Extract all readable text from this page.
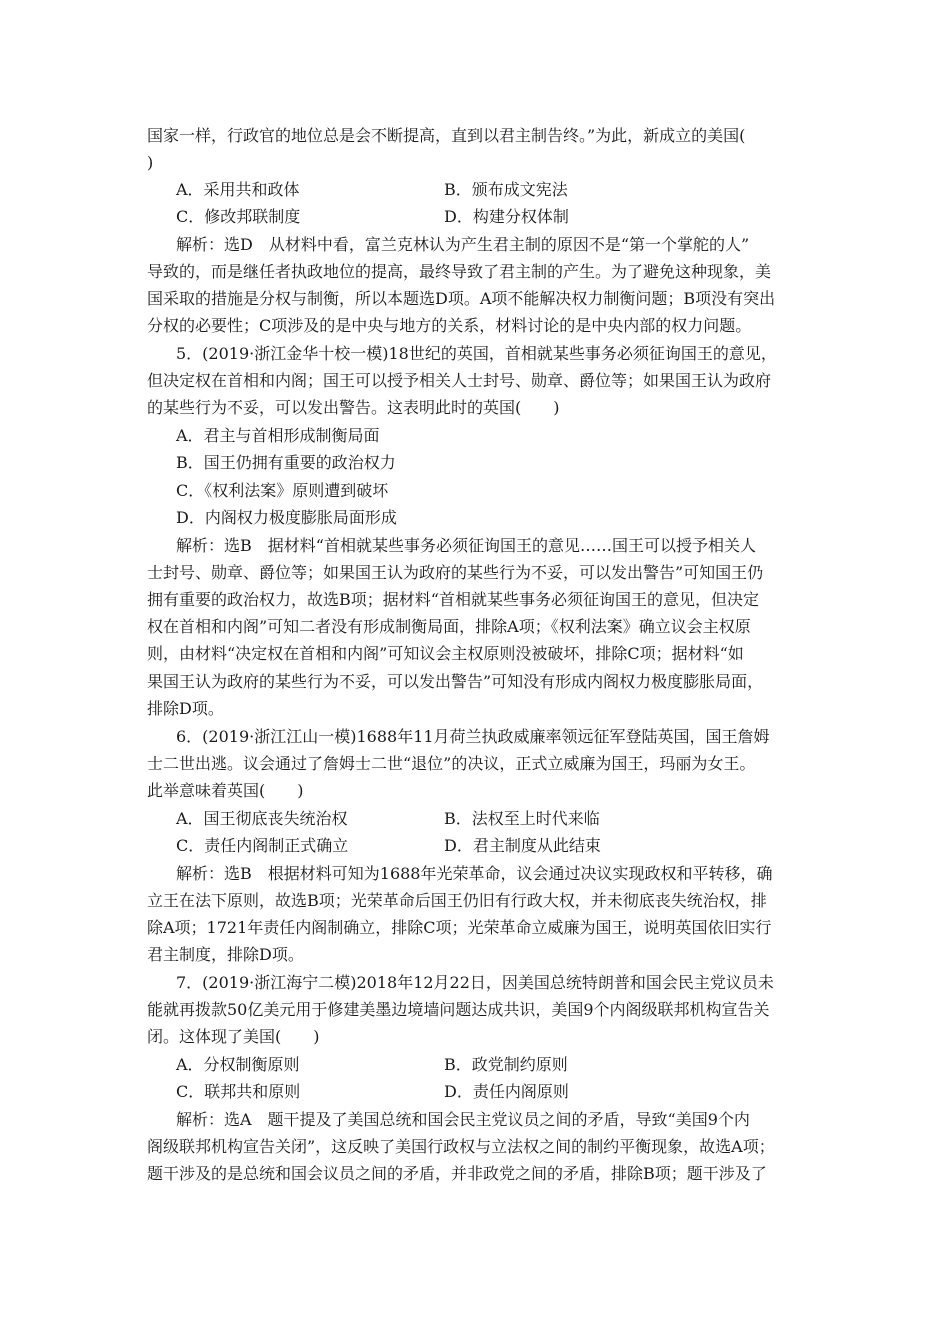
国家一样，行政官的地位总是会不断提高，直到以君主制告终。”为此，新成立的美国(
)
A．采用共和政体	B．颁布成文宪法
C．修改邦联制度	D．构建分权体制
解析：选D　从材料中看，富兰克林认为产生君主制的原因不是“第一个掌舵的人”
导致的，而是继任者执政地位的提高，最终导致了君主制的产生。为了避免这种现象，美
国采取的措施是分权与制衡，所以本题选D项。A项不能解决权力制衡问题；B项没有突出
分权的必要性；C项涉及的是中央与地方的关系，材料讨论的是中央内部的权力问题。
5．(2019·浙江金华十校一模)18世纪的英国，首相就某些事务必须征询国王的意见，
但决定权在首相和内阁；国王可以授予相关人士封号、勋章、爵位等；如果国王认为政府
的某些行为不妥，可以发出警告。这表明此时的英国(　　)
A．君主与首相形成制衡局面
B．国王仍拥有重要的政治权力
C．《权利法案》原则遭到破坏
D．内阁权力极度膨胀局面形成
解析：选B　据材料“首相就某些事务必须征询国王的意见……国王可以授予相关人
士封号、勋章、爵位等；如果国王认为政府的某些行为不妥，可以发出警告”可知国王仍
拥有重要的政治权力，故选B项；据材料“首相就某些事务必须征询国王的意见，但决定
权在首相和内阁”可知二者没有形成制衡局面，排除A项；《权利法案》确立议会主权原
则，由材料“决定权在首相和内阁”可知议会主权原则没被破坏，排除C项；据材料“如
果国王认为政府的某些行为不妥，可以发出警告”可知没有形成内阁权力极度膨胀局面，
排除D项。
6．(2019·浙江江山一模)1688年11月荷兰执政威廉率领远征军登陆英国，国王詹姆
士二世出逃。议会通过了詹姆士二世“退位”的决议，正式立威廉为国王，玛丽为女王。
此举意味着英国(　　)
A．国王彻底丧失统治权	B．法权至上时代来临
C．责任内阁制正式确立	D．君主制度从此结束
解析：选B　根据材料可知为1688年光荣革命，议会通过决议实现政权和平转移，确
立王在法下原则，故选B项；光荣革命后国王仍旧有行政大权，并未彻底丧失统治权，排
除A项；1721年责任内阁制确立，排除C项；光荣革命立威廉为国王，说明英国依旧实行
君主制度，排除D项。
7．(2019·浙江海宁二模)2018年12月22日，因美国总统特朗普和国会民主党议员未
能就再拨款50亿美元用于修建美墨边境墙问题达成共识，美国9个内阁级联邦机构宣告关
闭。这体现了美国(　　)
A．分权制衡原则	B．政党制约原则
C．联邦共和原则	D．责任内阁原则
解析：选A　题干提及了美国总统和国会民主党议员之间的矛盾，导致“美国9个内
阁级联邦机构宣告关闭”，这反映了美国行政权与立法权之间的制约平衡现象，故选A项；
题干涉及的是总统和国会议员之间的矛盾，并非政党之间的矛盾，排除B项；题干涉及了
